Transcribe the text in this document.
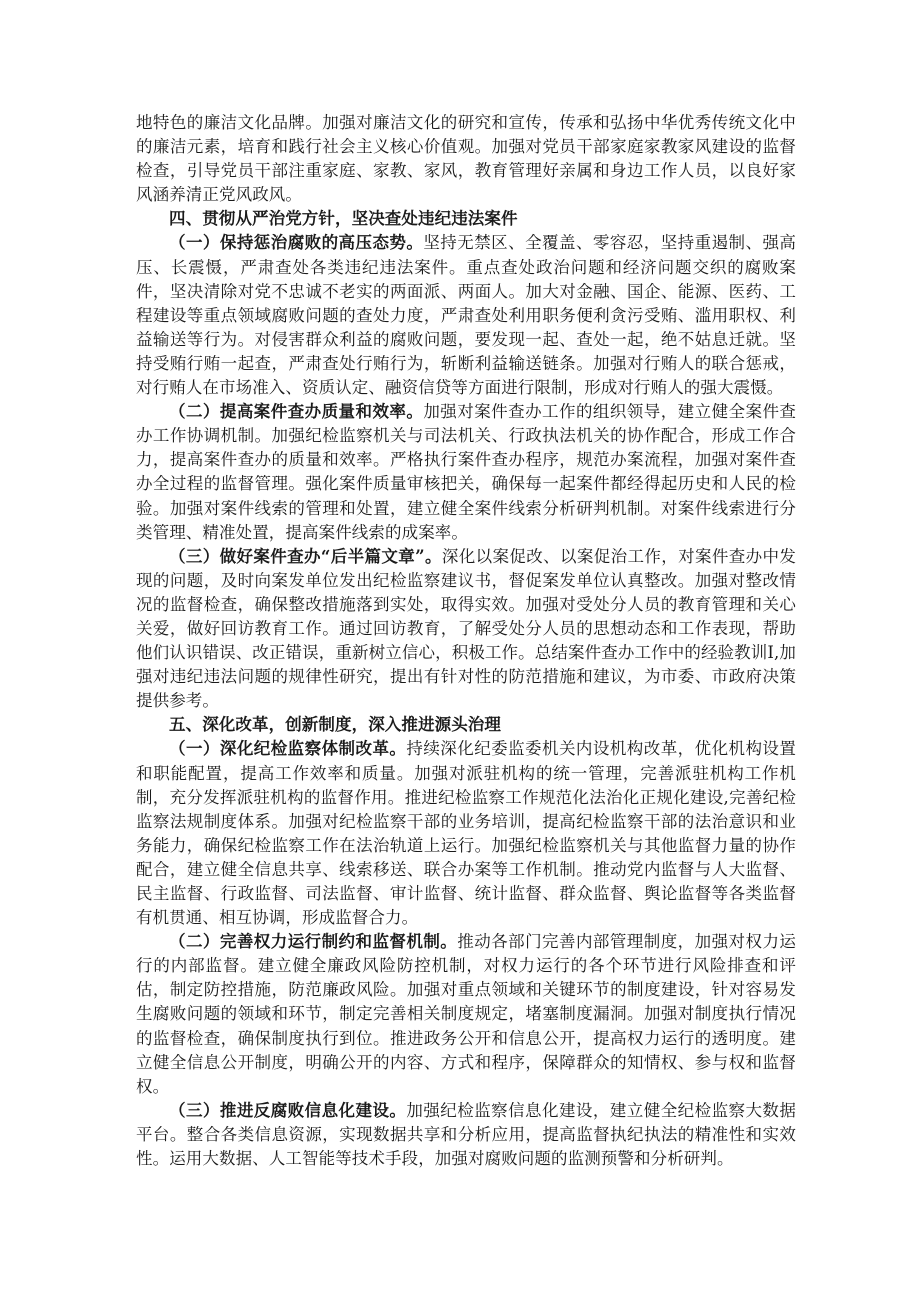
地特色的廉洁文化品牌。加强对廉洁文化的研究和宣传，传承和弘扬中华优秀传统文化中的廉洁元素，培育和践行社会主义核心价值观。加强对党员干部家庭家教家风建设的监督检查，引导党员干部注重家庭、家教、家风，教育管理好亲属和身边工作人员，以良好家风涵养清正党风政风。

四、贯彻从严治党方针，坚决查处违纪违法案件

（一）保持惩治腐败的高压态势。坚持无禁区、全覆盖、零容忍，坚持重遏制、强高压、长震慑，严肃查处各类违纪违法案件。重点查处政治问题和经济问题交织的腐败案件，坚决清除对党不忠诚不老实的两面派、两面人。加大对金融、国企、能源、医药、工程建设等重点领域腐败问题的查处力度，严肃查处利用职务便利贪污受贿、滥用职权、利益输送等行为。对侵害群众利益的腐败问题，要发现一起、查处一起，绝不姑息迁就。坚持受贿行贿一起查，严肃查处行贿行为，斩断利益输送链条。加强对行贿人的联合惩戒，对行贿人在市场准入、资质认定、融资信贷等方面进行限制，形成对行贿人的强大震慑。

（二）提高案件查办质量和效率。加强对案件查办工作的组织领导，建立健全案件查办工作协调机制。加强纪检监察机关与司法机关、行政执法机关的协作配合，形成工作合力，提高案件查办的质量和效率。严格执行案件查办程序，规范办案流程，加强对案件查办全过程的监督管理。强化案件质量审核把关，确保每一起案件都经得起历史和人民的检验。加强对案件线索的管理和处置，建立健全案件线索分析研判机制。对案件线索进行分类管理、精准处置，提高案件线索的成案率。

（三）做好案件查办“后半篇文章”。深化以案促改、以案促治工作，对案件查办中发现的问题，及时向案发单位发出纪检监察建议书，督促案发单位认真整改。加强对整改情况的监督检查，确保整改措施落到实处，取得实效。加强对受处分人员的教育管理和关心关爱，做好回访教育工作。通过回访教育，了解受处分人员的思想动态和工作表现，帮助他们认识错误、改正错误，重新树立信心，积极工作。总结案件查办工作中的经验教训I,加强对违纪违法问题的规律性研究，提出有针对性的防范措施和建议，为市委、市政府决策提供参考。

五、深化改革，创新制度，深入推进源头治理

（一）深化纪检监察体制改革。持续深化纪委监委机关内设机构改革，优化机构设置和职能配置，提高工作效率和质量。加强对派驻机构的统一管理，完善派驻机构工作机制，充分发挥派驻机构的监督作用。推进纪检监察工作规范化法治化正规化建设,完善纪检监察法规制度体系。加强对纪检监察干部的业务培训，提高纪检监察干部的法治意识和业务能力，确保纪检监察工作在法治轨道上运行。加强纪检监察机关与其他监督力量的协作配合，建立健全信息共享、线索移送、联合办案等工作机制。推动党内监督与人大监督、民主监督、行政监督、司法监督、审计监督、统计监督、群众监督、舆论监督等各类监督有机贯通、相互协调，形成监督合力。

（二）完善权力运行制约和监督机制。推动各部门完善内部管理制度，加强对权力运行的内部监督。建立健全廉政风险防控机制，对权力运行的各个环节进行风险排查和评估，制定防控措施，防范廉政风险。加强对重点领域和关键环节的制度建设，针对容易发生腐败问题的领域和环节，制定完善相关制度规定，堵塞制度漏洞。加强对制度执行情况的监督检查，确保制度执行到位。推进政务公开和信息公开，提高权力运行的透明度。建立健全信息公开制度，明确公开的内容、方式和程序，保障群众的知情权、参与权和监督权。

（三）推进反腐败信息化建设。加强纪检监察信息化建设，建立健全纪检监察大数据平台。整合各类信息资源，实现数据共享和分析应用，提高监督执纪执法的精准性和实效性。运用大数据、人工智能等技术手段，加强对腐败问题的监测预警和分析研判。
